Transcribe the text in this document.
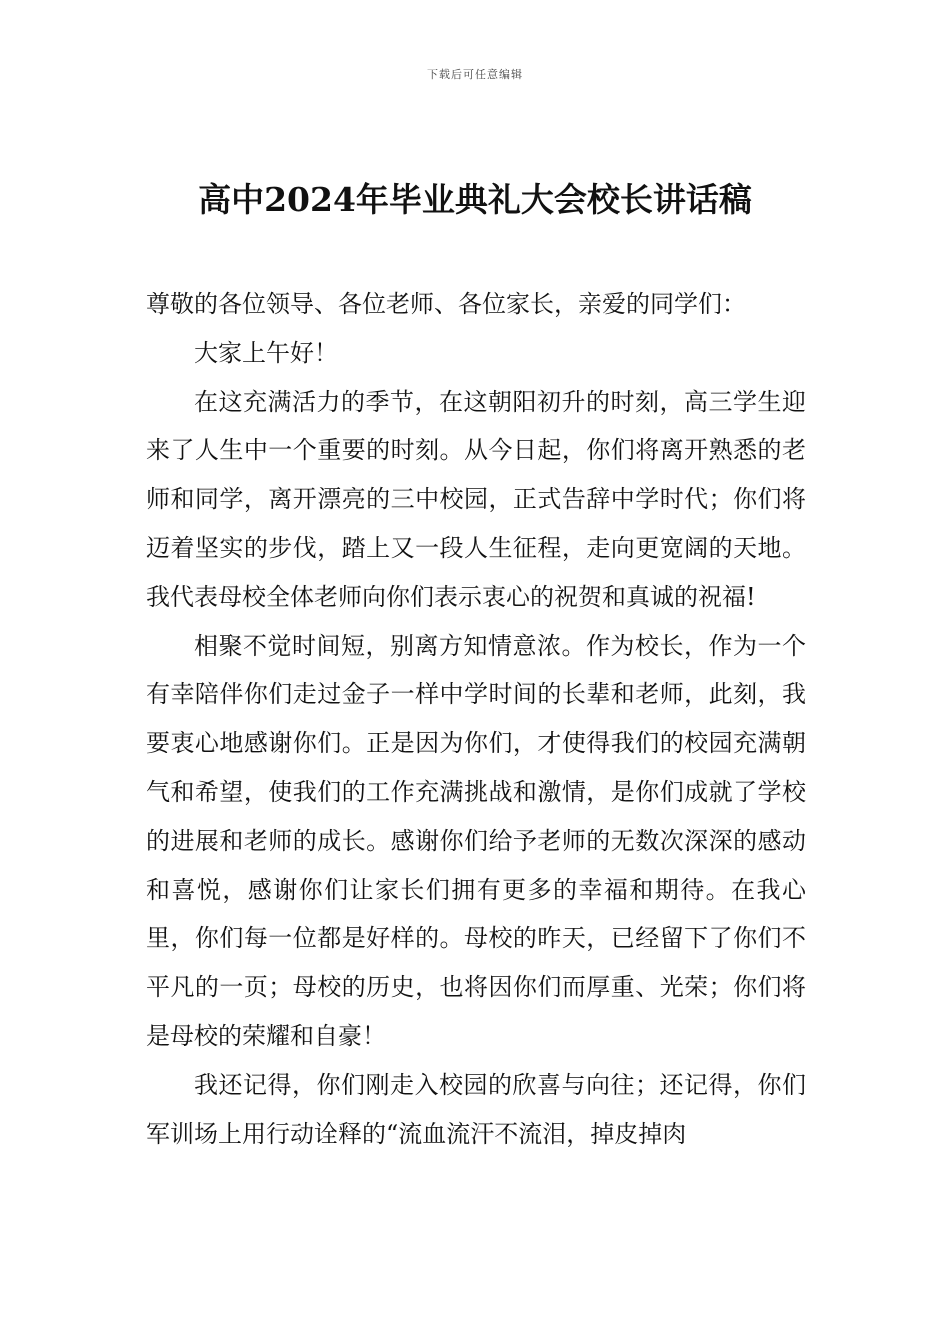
下载后可任意编辑
高中2024年毕业典礼大会校长讲话稿

尊敬的各位领导、各位老师、各位家长，亲爱的同学们：

大家上午好！

在这充满活力的季节，在这朝阳初升的时刻，高三学生迎来了人生中一个重要的时刻。从今日起，你们将离开熟悉的老师和同学，离开漂亮的三中校园，正式告辞中学时代；你们将迈着坚实的步伐，踏上又一段人生征程，走向更宽阔的天地。我代表母校全体老师向你们表示衷心的祝贺和真诚的祝福!

相聚不觉时间短，别离方知情意浓。作为校长，作为一个有幸陪伴你们走过金子一样中学时间的长辈和老师，此刻，我要衷心地感谢你们。正是因为你们，才使得我们的校园充满朝气和希望，使我们的工作充满挑战和激情，是你们成就了学校的进展和老师的成长。感谢你们给予老师的无数次深深的感动和喜悦，感谢你们让家长们拥有更多的幸福和期待。在我心里，你们每一位都是好样的。母校的昨天，已经留下了你们不平凡的一页；母校的历史，也将因你们而厚重、光荣；你们将是母校的荣耀和自豪！

我还记得，你们刚走入校园的欣喜与向往；还记得，你们军训场上用行动诠释的“流血流汗不流泪，掉皮掉肉
